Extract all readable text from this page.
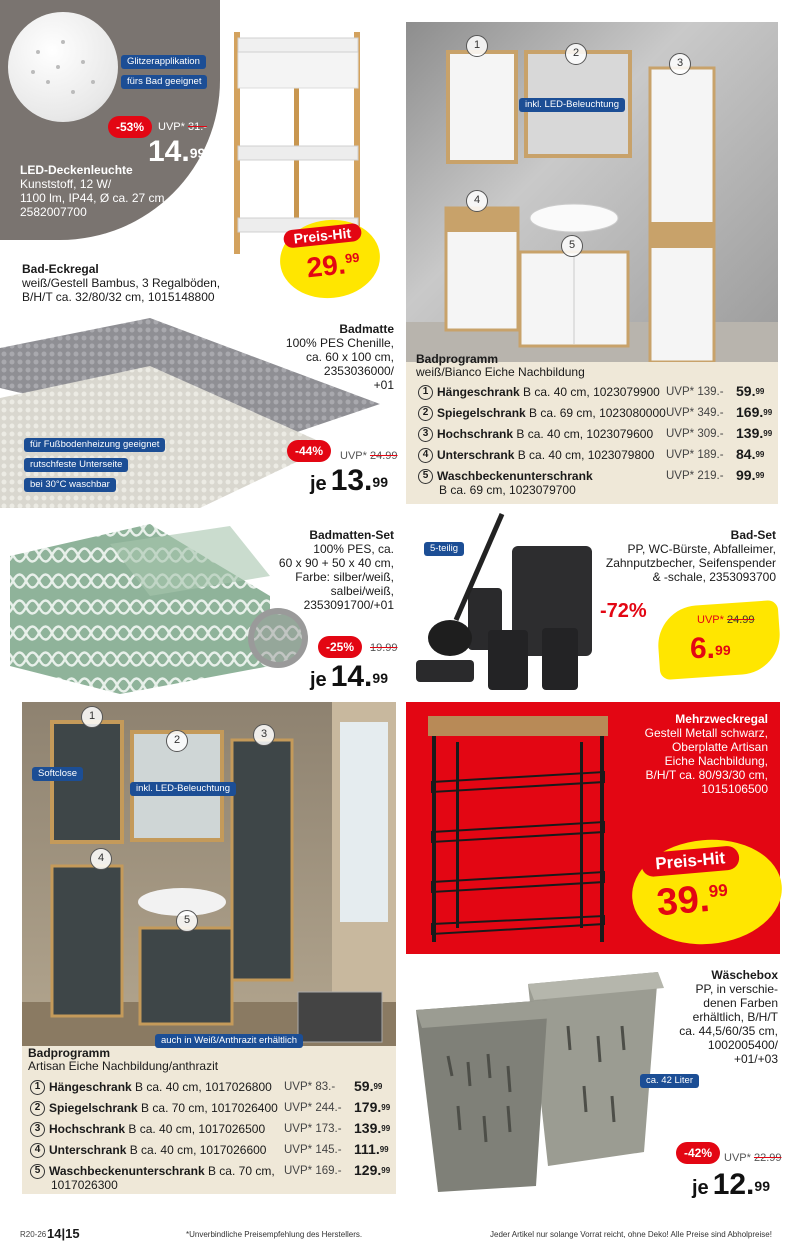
Glitzerapplikation
fürs Bad geeignet
-53%	UVP* 31.-
14.99
LED-Deckenleuchte
Kunststoff, 12 W/
1100 lm, IP44, Ø ca. 27 cm,
2582007700
Preis-Hit
29.99
Bad-Eckregal
weiß/Gestell Bambus, 3 Regalböden,
B/H/T ca. 32/80/32 cm, 1015148800
1
2
3
4
5
inkl. LED-Beleuchtung
Badprogramm
weiß/Bianco Eiche Nachbildung
1 Hängeschrank B ca. 40 cm, 1023079900 UVP* 139.- 59.99
2 Spiegelschrank B ca. 69 cm, 1023080000 UVP* 349.- 169.99
3 Hochschrank B ca. 40 cm, 1023079600 UVP* 309.- 139.99
4 Unterschrank B ca. 40 cm, 1023079800 UVP* 189.- 84.99
5 Waschbeckenunterschrank	UVP* 219.- 99.99
B ca. 69 cm, 1023079700
Badmatte
100% PES Chenille,
ca. 60 x 100 cm,
2353036000/
+01
für Fußbodenheizung geeignet
rutschfeste Unterseite
bei 30°C waschbar
-44%	UVP* 24.99
je 13.99
Badmatten-Set
100% PES, ca.
60 x 90 + 50 x 40 cm,
Farbe: silber/weiß,
salbei/weiß,
2353091700/+01
-25%	19.99
je 14.99
5-teilig
Bad-Set
PP, WC-Bürste, Abfalleimer,
Zahnputzbecher, Seifenspender
& -schale, 2353093700
-72%	UVP* 24.99
6.99
1
2	3
4
5
Softclose
inkl. LED-Beleuchtung
auch in Weiß/Anthrazit erhältlich
Badprogramm
Artisan Eiche Nachbildung/anthrazit
1 Hängeschrank B ca. 40 cm, 1017026800 UVP* 83.- 59.99
2 Spiegelschrank B ca. 70 cm, 1017026400 UVP* 244.- 179.99
3 Hochschrank B ca. 40 cm, 1017026500 UVP* 173.- 139.99
4 Unterschrank B ca. 40 cm, 1017026600 UVP* 145.- 111.99
5 Waschbeckenunterschrank B ca. 70 cm, UVP* 169.- 129.99
1017026300
Mehrzweckregal
Gestell Metall schwarz,
Oberplatte Artisan
Eiche Nachbildung,
B/H/T ca. 80/93/30 cm,
1015106500
Preis-Hit
39.99
Wäschebox
PP, in verschie-
denen Farben
erhältlich, B/H/T
ca. 44,5/60/35 cm,
1002005400/
+01/+03
ca. 42 Liter
-42%	UVP* 22.99
je 12.99
R20-26 14|15	*Unverbindliche Preisempfehlung des Herstellers.	Jeder Artikel nur solange Vorrat reicht, ohne Deko! Alle Preise sind Abholpreise!
